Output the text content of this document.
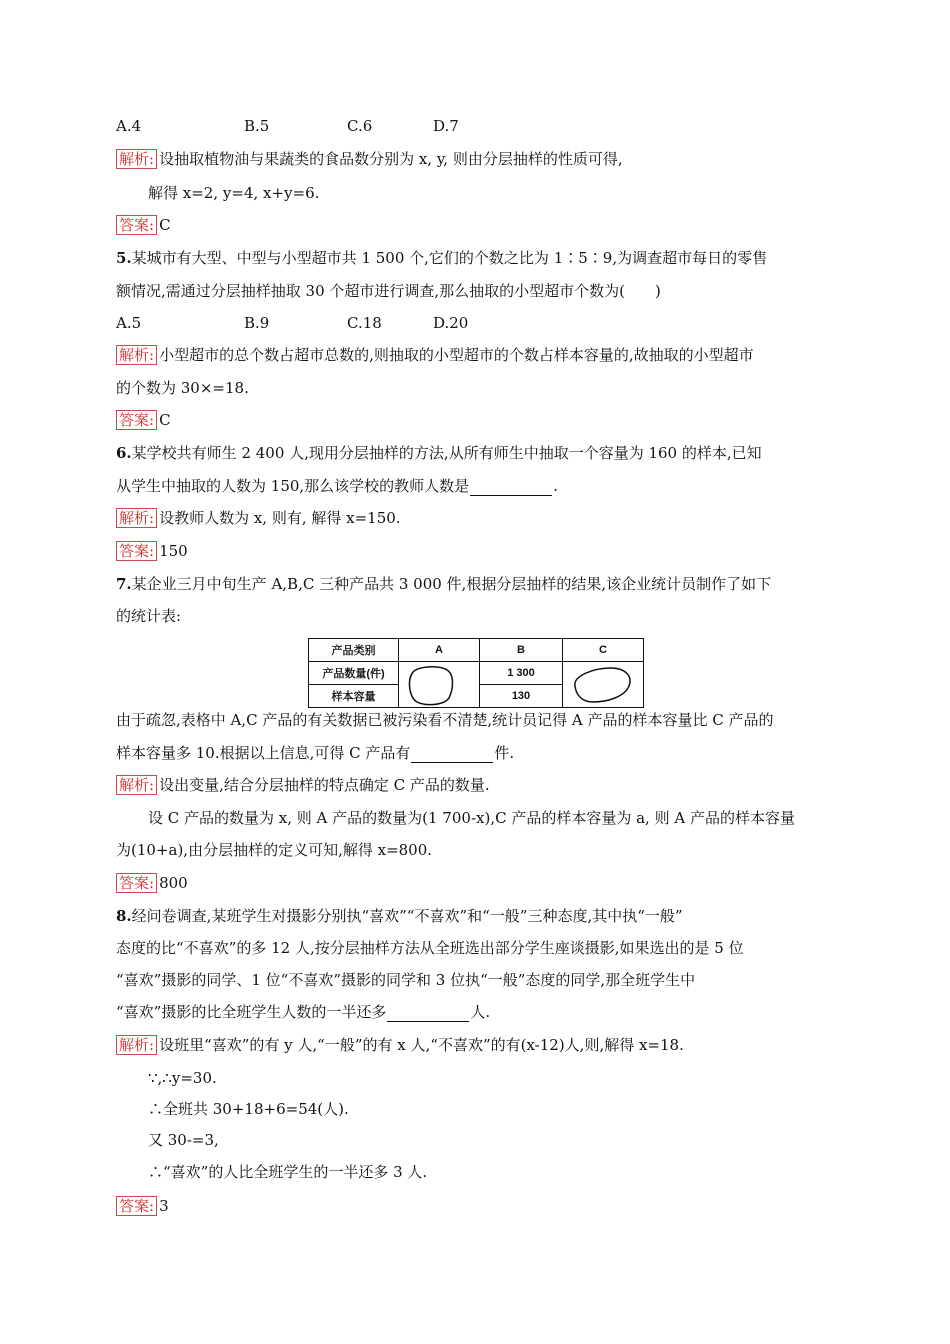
A.4	B.5	C.6	D.7
解析: 设抽取植物油与果蔬类的食品数分别为 x, y, 则由分层抽样的性质可得,
解得 x=2, y=4, x+y=6.
答案: C
5.某城市有大型、中型与小型超市共 1 500 个,它们的个数之比为 1∶5∶9,为调查超市每日的零售
额情况,需通过分层抽样抽取 30 个超市进行调查,那么抽取的小型超市个数为(　　)
A.5	B.9	C.18	D.20
解析: 小型超市的总个数占超市总数的,则抽取的小型超市的个数占样本容量的,故抽取的小型超市
的个数为 30×=18.
答案: C
6.某学校共有师生 2 400 人,现用分层抽样的方法,从所有师生中抽取一个容量为 160 的样本,已知
从学生中抽取的人数为 150,那么该学校的教师人数是	.
解析: 设教师人数为 x, 则有, 解得 x=150.
答案: 150
7.某企业三月中旬生产 A,B,C 三种产品共 3 000 件,根据分层抽样的结果,该企业统计员制作了如下
的统计表:
产品类别	A	B	C
产品数量(件)		1 300	

样本容量		130	
由于疏忽,表格中 A,C 产品的有关数据已被污染看不清楚,统计员记得 A 产品的样本容量比 C 产品的
样本容量多 10.根据以上信息,可得 C 产品有	件.
解析: 设出变量,结合分层抽样的特点确定 C 产品的数量.
设 C 产品的数量为 x, 则 A 产品的数量为(1 700-x),C 产品的样本容量为 a, 则 A 产品的样本容量
为(10+a),由分层抽样的定义可知,解得 x=800.
答案: 800
8.经问卷调查,某班学生对摄影分别执“喜欢”“不喜欢”和“一般”三种态度,其中执“一般”
态度的比“不喜欢”的多 12 人,按分层抽样方法从全班选出部分学生座谈摄影,如果选出的是 5 位
“喜欢”摄影的同学、1 位“不喜欢”摄影的同学和 3 位执“一般”态度的同学,那全班学生中
“喜欢”摄影的比全班学生人数的一半还多	人.
解析: 设班里“喜欢”的有 y 人,“一般”的有 x 人,“不喜欢”的有(x-12)人,则,解得 x=18.
∵,∴y=30.
∴全班共 30+18+6=54(人).
又 30-=3,
∴“喜欢”的人比全班学生的一半还多 3 人.
答案: 3
